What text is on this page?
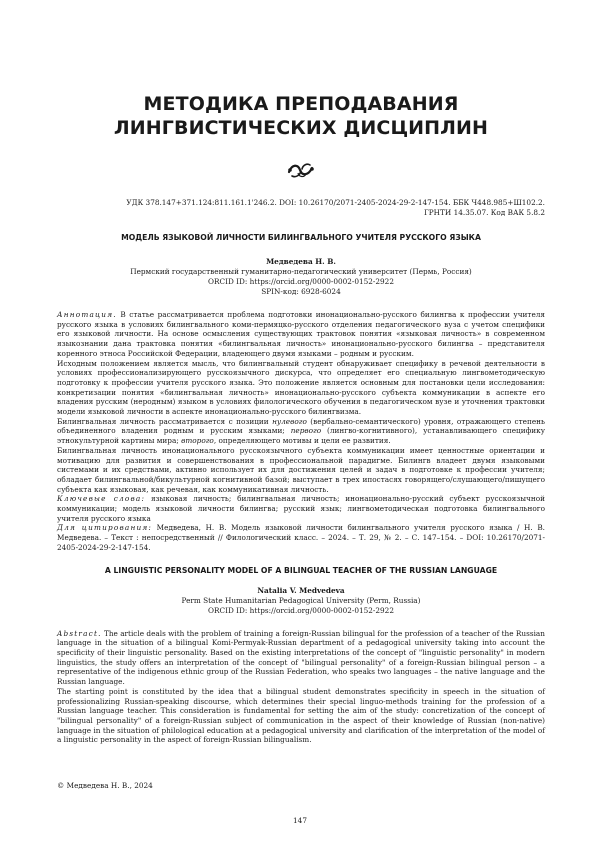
МЕТОДИКА ПРЕПОДАВАНИЯ
ЛИНГВИСТИЧЕСКИХ ДИСЦИПЛИН
УДК 378.147+371.124:811.161.1'246.2. DOI: 10.26170/2071-2405-2024-29-2-147-154. ББК Ч448.985+Ш102.2.
ГРНТИ 14.35.07. Код ВАК 5.8.2
МОДЕЛЬ ЯЗЫКОВОЙ ЛИЧНОСТИ БИЛИНГВАЛЬНОГО УЧИТЕЛЯ РУССКОГО ЯЗЫКА
Медведева Н. В.
Пермский государственный гуманитарно-педагогический университет (Пермь, Россия)
ORCID ID: https://orcid.org/0000-0002-0152-2922
SPIN-код: 6928-6024

Аннотация. В статье рассматривается проблема подготовки инонационально-русского билингва к профессии учителя русского языка в условиях билингвального коми-пермяцко-русского отделения педагогического вуза с учетом специфики его языковой личности. На основе осмысления существующих трактовок понятия «языковая личность» в современном языкознании дана трактовка понятия «билингвальная личность» инонационально-русского билингва – представителя коренного этноса Российской Федерации, владеющего двумя языками – родным и русским.

Исходным положением является мысль, что билингвальный студент обнаруживает специфику в речевой деятельности в условиях профессионализирующего русскоязычного дискурса, что определяет его специальную лингвометодическую подготовку к профессии учителя русского языка. Это положение является основным для постановки цели исследования: конкретизации понятия «билингвальная личность» инонационально-русского субъекта коммуникации в аспекте его владения русским (неродным) языком в условиях филологического обучения в педагогическом вузе и уточнения трактовки модели языковой личности в аспекте инонационально-русского билингвизма.

Билингвальная личность рассматривается с позиции нулевого (вербально-семантического) уровня, отражающего степень объединенного владения родным и русским языками; первого (лингво-когнитивного), устанавливающего специфику этнокультурной картины мира; второго, определяющего мотивы и цели ее развития.

Билингвальная личность инонационального русскоязычного субъекта коммуникации имеет ценностные ориентации и мотивацию для развития и совершенствования в профессиональной парадигме. Билингв владеет двумя языковыми системами и их средствами, активно использует их для достижения целей и задач в подготовке к профессии учителя; обладает билингвальной/бикультурной когнитивной базой; выступает в трех ипостасях говорящего/слушающего/пишущего субъекта как языковая, как речевая, как коммуникативная личность.

Ключевые слова: языковая личность; билингвальная личность; инонационально-русский субъект русскоязычной коммуникации; модель языковой личности билингва; русский язык; лингвометодическая подготовка билингвального учителя русского языка

Для цитирования: Медведева, Н. В. Модель языковой личности билингвального учителя русского языка / Н. В. Медведева. – Текст : непосредственный // Филологический класс. – 2024. – Т. 29, № 2. – С. 147–154. – DOI: 10.26170/2071-2405-2024-29-2-147-154.

A LINGUISTIC PERSONALITY MODEL OF A BILINGUAL TEACHER OF THE RUSSIAN LANGUAGE
Natalia V. Medvedeva
Perm State Humanitarian Pedagogical University (Perm, Russia)
ORCID ID: https://orcid.org/0000-0002-0152-2922

Abstract. The article deals with the problem of training a foreign-Russian bilingual for the profession of a teacher of the Russian language in the situation of a bilingual Komi-Permyak-Russian department of a pedagogical university taking into account the specificity of their linguistic personality. Based on the existing interpretations of the concept of "linguistic personality" in modern linguistics, the study offers an interpretation of the concept of "bilingual personality" of a foreign-Russian bilingual person – a representative of the indigenous ethnic group of the Russian Federation, who speaks two languages – the native language and the Russian language.

The starting point is constituted by the idea that a bilingual student demonstrates specificity in speech in the situation of professionalizing Russian-speaking discourse, which determines their special linguo-methods training for the profession of a Russian language teacher. This consideration is fundamental for setting the aim of the study: concretization of the concept of "bilingual personality" of a foreign-Russian subject of communication in the aspect of their knowledge of Russian (non-native) language in the situation of philological education at a pedagogical university and clarification of the interpretation of the model of a linguistic personality in the aspect of foreign-Russian bilingualism.

© Медведева Н. В., 2024
147
